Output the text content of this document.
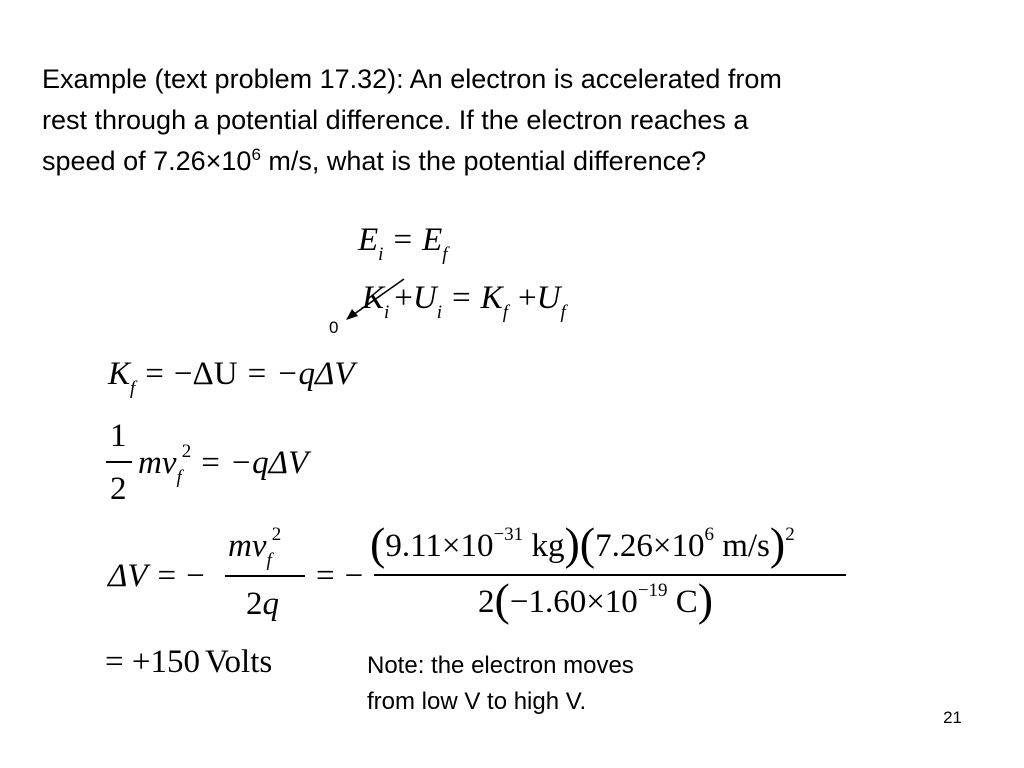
Example (text problem 17.32): An electron is accelerated from
rest through a potential difference. If the electron reaches a
speed of $7.26\times 10^6$ m/s, what is the potential difference?
$E_i = E_f$
$K_i +U_i = K_f +U_f$
0
$K_f = -\Delta U = -q\Delta V$
1
2
$mv_f^2 = -q\Delta V$
ΔV = −
$mv_f^2$
2q
= −
($9.11\times 10^{-31}$ $kg)(7.26\times 10^6$ m/s)$^2$
$2(-1.60\times 10^{-19}$ C)
= +150 Volts	Note: the electron moves
from low V to high V.
21
